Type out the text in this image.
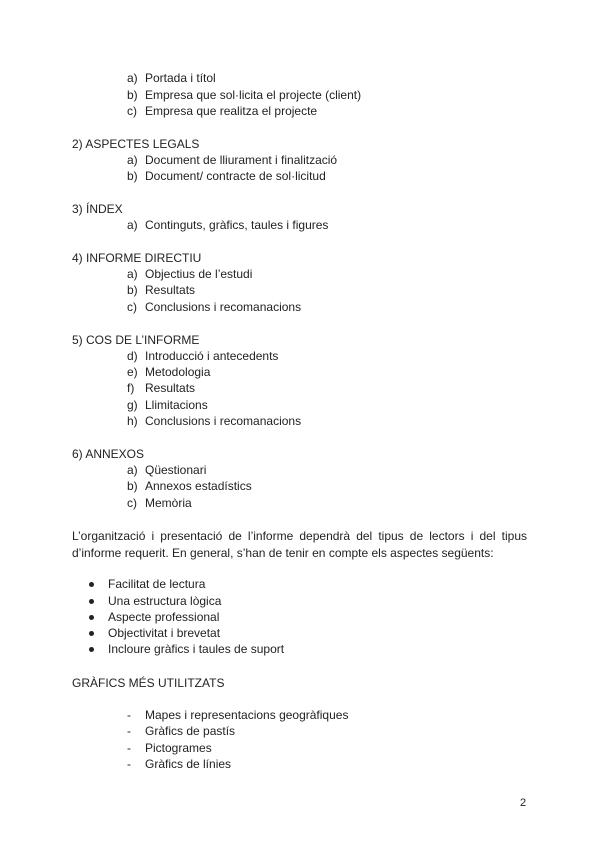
a) Portada i títol
b) Empresa que sol·licita el projecte (client)
c) Empresa que realitza el projecte
2) ASPECTES LEGALS
a) Document de lliurament i finalització
b) Document/ contracte de sol·licitud
3) ÍNDEX
a) Continguts, gràfics, taules i figures
4) INFORME DIRECTIU
a) Objectius de l’estudi
b) Resultats
c) Conclusions i recomanacions
5) COS DE L’INFORME
d) Introducció i antecedents
e) Metodologia
f) Resultats
g) Llimitacions
h) Conclusions i recomanacions
6) ANNEXOS
a) Qüestionari
b) Annexos estadístics
c) Memòria
L’organització i presentació de l’informe dependrà del tipus de lectors i del tipus d’informe requerit. En general, s’han de tenir en compte els aspectes següents:
Facilitat de lectura
Una estructura lògica
Aspecte professional
Objectivitat i brevetat
Incloure gràfics i taules de suport
GRÀFICS MÉS UTILITZATS
- Mapes i representacions geogràfiques
- Gràfics de pastís
- Pictogrames
- Gràfics de línies
2
